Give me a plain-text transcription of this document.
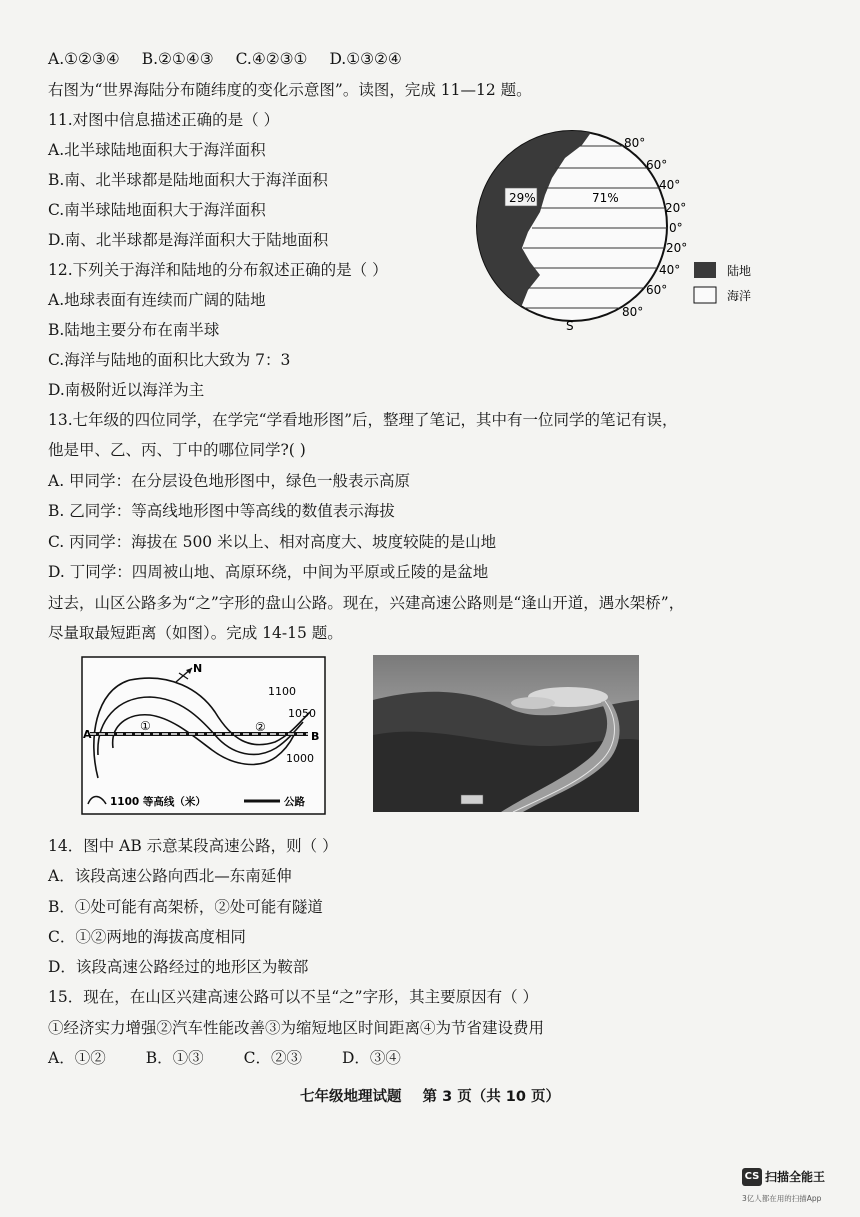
A.①②③④ B.②①④③ C.④②③① D.①③②④
右图为“世界海陆分布随纬度的变化示意图”。读图，完成 11—12 题。
11.对图中信息描述正确的是（ ）
A.北半球陆地面积大于海洋面积
B.南、北半球都是陆地面积大于海洋面积
C.南半球陆地面积大于海洋面积
D.南、北半球都是海洋面积大于陆地面积
12.下列关于海洋和陆地的分布叙述正确的是（ ）
A.地球表面有连续而广阔的陆地
B.陆地主要分布在南半球
C.海洋与陆地的面积比大致为 7：3
D.南极附近以海洋为主
29%	71%
80°
60°
40°
20°
0°
20°
40°
60°
80°
S
陆地
海洋
13.七年级的四位同学，在学完“学看地形图”后，整理了笔记，其中有一位同学的笔记有误，
他是甲、乙、丙、丁中的哪位同学?( )
A. 甲同学：在分层设色地形图中，绿色一般表示高原
B. 乙同学：等高线地形图中等高线的数值表示海拔
C. 丙同学：海拔在 500 米以上、相对高度大、坡度较陡的是山地
D. 丁同学：四周被山地、高原环绕，中间为平原或丘陵的是盆地
过去，山区公路多为“之”字形的盘山公路。现在，兴建高速公路则是“逢山开道，遇水架桥”，
尽量取最短距离（如图）。完成 14-15 题。
N
1100
1050
1000
A	B
①	②
1100 等高线（米）	公路
14．图中 AB 示意某段高速公路，则（ ）
A．该段高速公路向西北—东南延伸
B．①处可能有高架桥，②处可能有隧道
C．①②两地的海拔高度相同
D．该段高速公路经过的地形区为鞍部
15．现在，在山区兴建高速公路可以不呈“之”字形，其主要原因有（ ）
①经济实力增强②汽车性能改善③为缩短地区时间距离④为节省建设费用
A．①②	B．①③	C．②③	D．③④
七年级地理试题 第 3 页（共 10 页）
CS 扫描全能王
3亿人都在用的扫描App
